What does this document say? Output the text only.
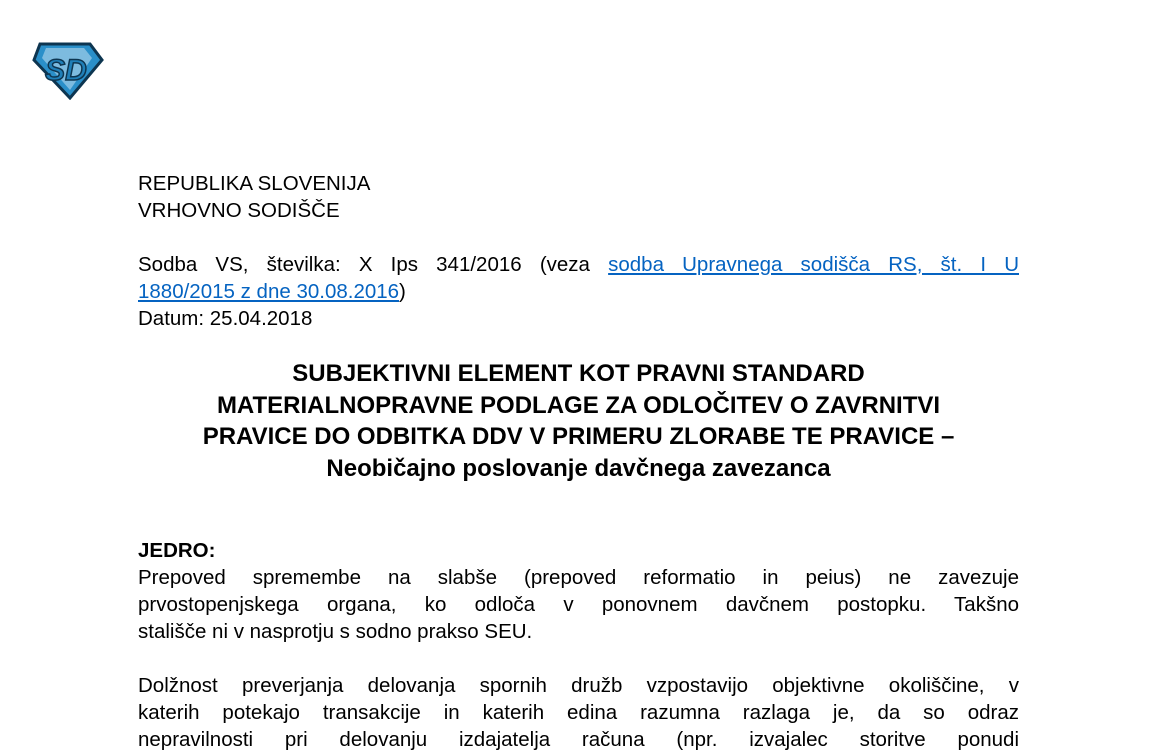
SD
REPUBLIKA SLOVENIJA
VRHOVNO SODIŠČE
Sodba VS, številka: X Ips 341/2016 (veza sodba Upravnega sodišča RS, št. I U
1880/2015 z dne 30.08.2016)
Datum: 25.04.2018
SUBJEKTIVNI ELEMENT KOT PRAVNI STANDARD
MATERIALNOPRAVNE PODLAGE ZA ODLOČITEV O ZAVRNITVI
PRAVICE DO ODBITKA DDV V PRIMERU ZLORABE TE PRAVICE –
Neobičajno poslovanje davčnega zavezanca
JEDRO:
Prepoved spremembe na slabše (prepoved reformatio in peius) ne zavezuje
prvostopenjskega organa, ko odloča v ponovnem davčnem postopku. Takšno
stališče ni v nasprotju s sodno prakso SEU.
Dolžnost preverjanja delovanja spornih družb vzpostavijo objektivne okoliščine, v
katerih potekajo transakcije in katerih edina razumna razlaga je, da so odraz
nepravilnosti pri delovanju izdajatelja računa (npr. izvajalec storitve ponudi
